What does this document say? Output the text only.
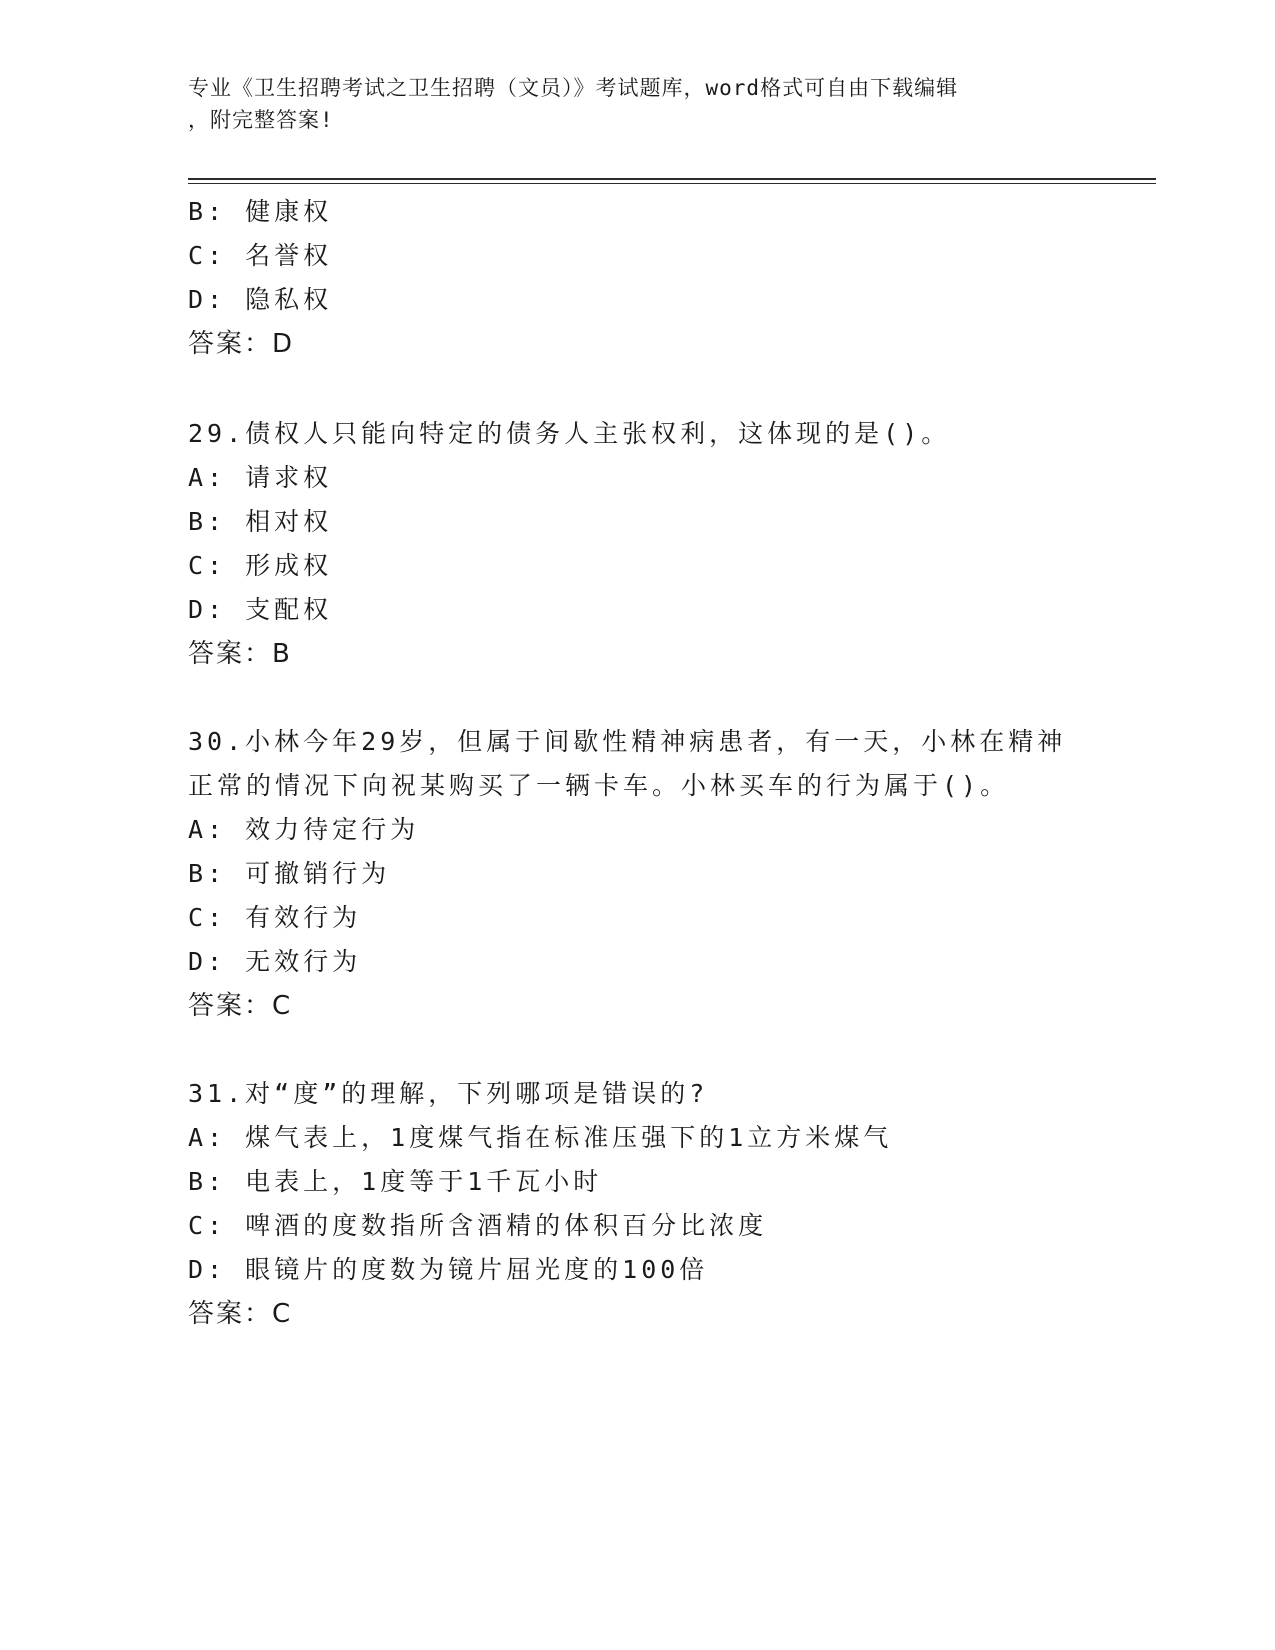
专业《卫生招聘考试之卫生招聘（文员）》考试题库，word格式可自由下载编辑
，附完整答案!
B: 健康权
C: 名誉权
D: 隐私权
答案：D
29.债权人只能向特定的债务人主张权利，这体现的是()。
A: 请求权
B: 相对权
C: 形成权
D: 支配权
答案：B
30.小林今年29岁，但属于间歇性精神病患者，有一天，小林在精神
正常的情况下向祝某购买了一辆卡车。小林买车的行为属于()。
A: 效力待定行为
B: 可撤销行为
C: 有效行为
D: 无效行为
答案：C
31.对“度”的理解，下列哪项是错误的?
A: 煤气表上，1度煤气指在标准压强下的1立方米煤气
B: 电表上，1度等于1千瓦小时
C: 啤酒的度数指所含酒精的体积百分比浓度
D: 眼镜片的度数为镜片屈光度的100倍
答案：C
